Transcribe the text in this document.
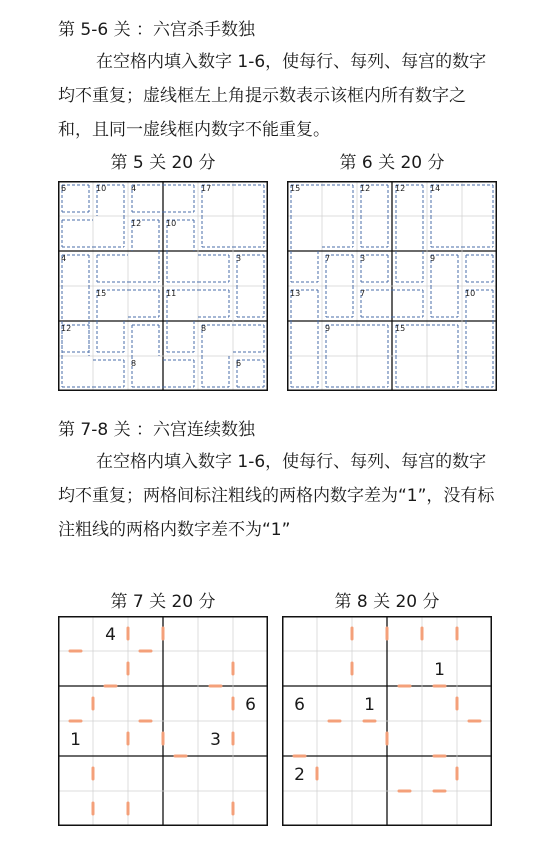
第 5-6 关 ：六宫杀手数独
在空格内填入数字 1-6，使每行、每列、每宫的数字均不重复；虚线框左上角提示数表示该框内所有数字之和，且同一虚线框内数字不能重复。
第 5 关 20 分	第 6 关 20 分
6	10	4	17
12	10
4	3
15	11
12	8
8	6
15	12	12	14
7	3	9
13	7	10
9	15
第 7-8 关 ：六宫连续数独
在空格内填入数字 1-6，使每行、每列、每宫的数字均不重复；两格间标注粗线的两格内数字差为“1”，没有标注粗线的两格内数字差不为“1”
第 7 关 20 分	第 8 关 20 分
4
6
1	3
1
6	1
2
